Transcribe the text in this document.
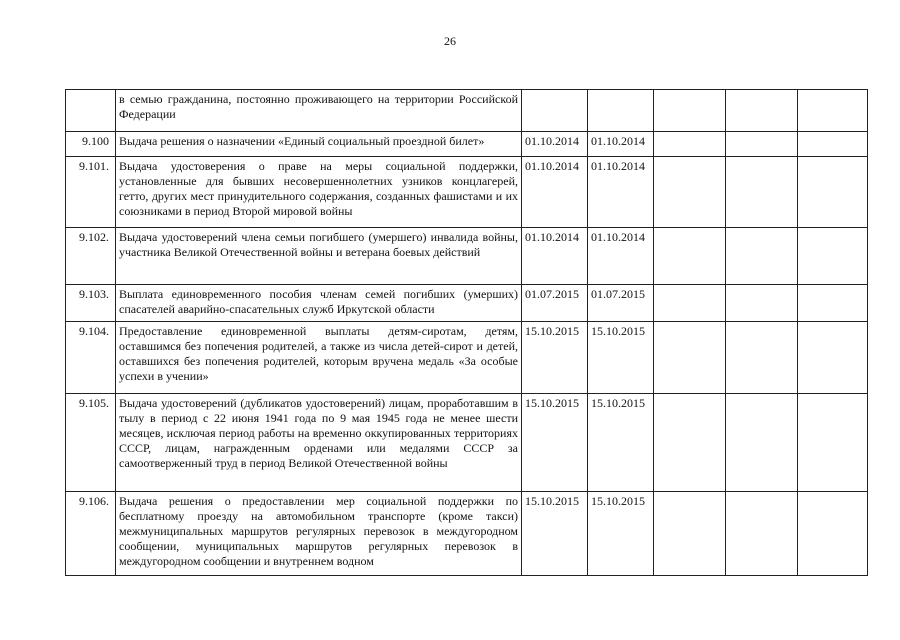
26
	в семью гражданина, постоянно проживающего на территории Российской Федерации					
9.100	Выдача решения о назначении «Единый социальный проездной билет»	01.10.2014	01.10.2014			
9.101.	Выдача удостоверения о праве на меры социальной поддержки, установленные для бывших несовершеннолетних узников концлагерей, гетто, других мест принудительного содержания, созданных фашистами и их союзниками в период Второй мировой войны	01.10.2014	01.10.2014			
9.102.	Выдача удостоверений члена семьи погибшего (умершего) инвалида войны, участника Великой Отечественной войны и ветерана боевых действий	01.10.2014	01.10.2014			
9.103.	Выплата единовременного пособия членам семей погибших (умерших) спасателей аварийно-спасательных служб Иркутской области	01.07.2015	01.07.2015			
9.104.	Предоставление единовременной выплаты детям-сиротам, детям, оставшимся без попечения родителей, а также из числа детей-сирот и детей, оставшихся без попечения родителей, которым вручена медаль «За особые успехи в учении»	15.10.2015	15.10.2015			
9.105.	Выдача удостоверений (дубликатов удостоверений) лицам, проработавшим в тылу в период с 22 июня 1941 года по 9 мая 1945 года не менее шести месяцев, исключая период работы на временно оккупированных территориях СССР, лицам, награжденным орденами или медалями СССР за самоотверженный труд в период Великой Отечественной войны	15.10.2015	15.10.2015			
9.106.	Выдача решения о предоставлении мер социальной поддержки по бесплатному проезду на автомобильном транспорте (кроме такси) межмуниципальных маршрутов регулярных перевозок в междугородном сообщении, муниципальных маршрутов регулярных перевозок в междугородном сообщении и внутреннем водном	15.10.2015	15.10.2015			
